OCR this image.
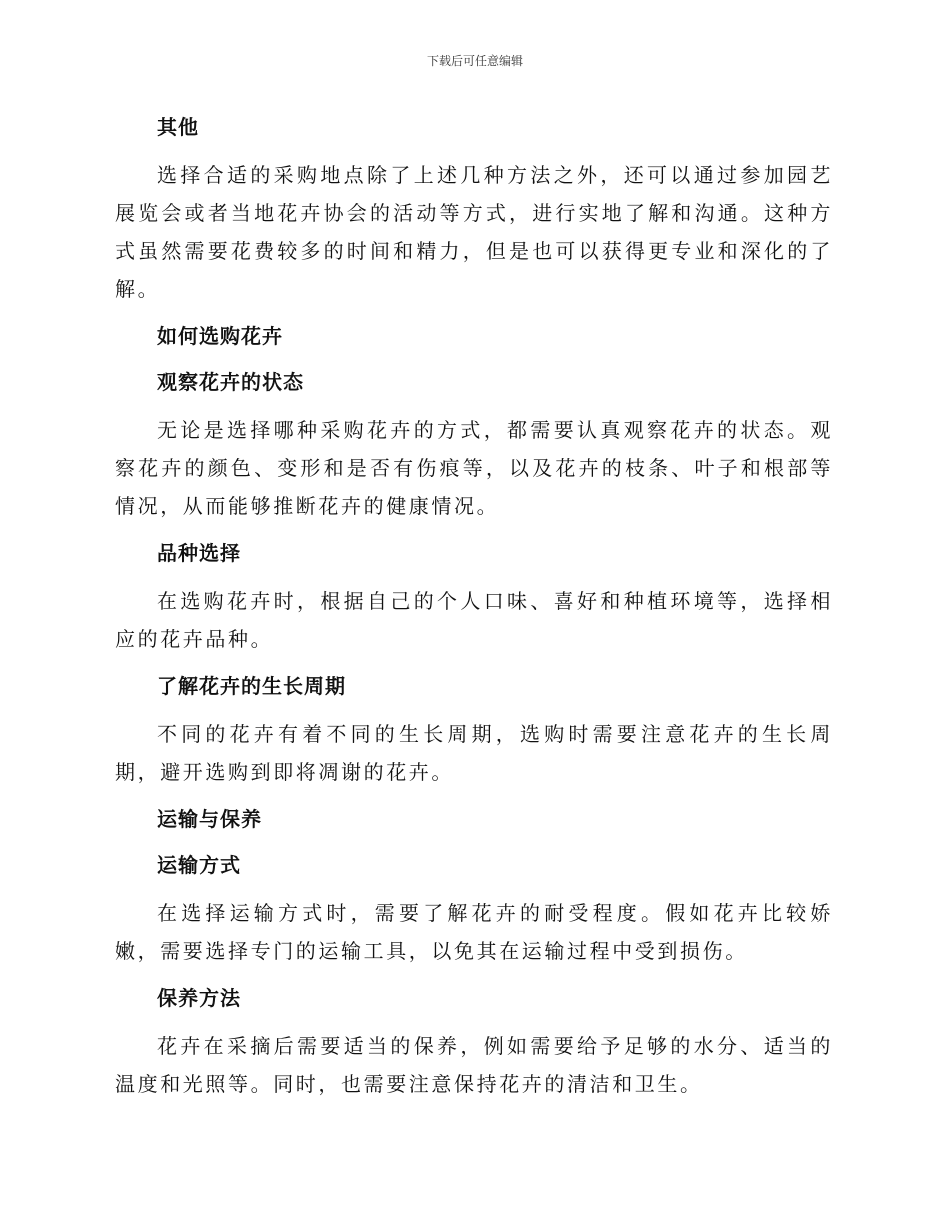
下载后可任意编辑
其他

选择合适的采购地点除了上述几种方法之外，还可以通过参加园艺展览会或者当地花卉协会的活动等方式，进行实地了解和沟通。这种方式虽然需要花费较多的时间和精力，但是也可以获得更专业和深化的了解。

如何选购花卉
观察花卉的状态

无论是选择哪种采购花卉的方式，都需要认真观察花卉的状态。观察花卉的颜色、变形和是否有伤痕等，以及花卉的枝条、叶子和根部等情况，从而能够推断花卉的健康情况。

品种选择

在选购花卉时，根据自己的个人口味、喜好和种植环境等，选择相应的花卉品种。

了解花卉的生长周期

不同的花卉有着不同的生长周期，选购时需要注意花卉的生长周期，避开选购到即将凋谢的花卉。

运输与保养
运输方式

在选择运输方式时，需要了解花卉的耐受程度。假如花卉比较娇嫩，需要选择专门的运输工具，以免其在运输过程中受到损伤。

保养方法

花卉在采摘后需要适当的保养，例如需要给予足够的水分、适当的温度和光照等。同时，也需要注意保持花卉的清洁和卫生。
